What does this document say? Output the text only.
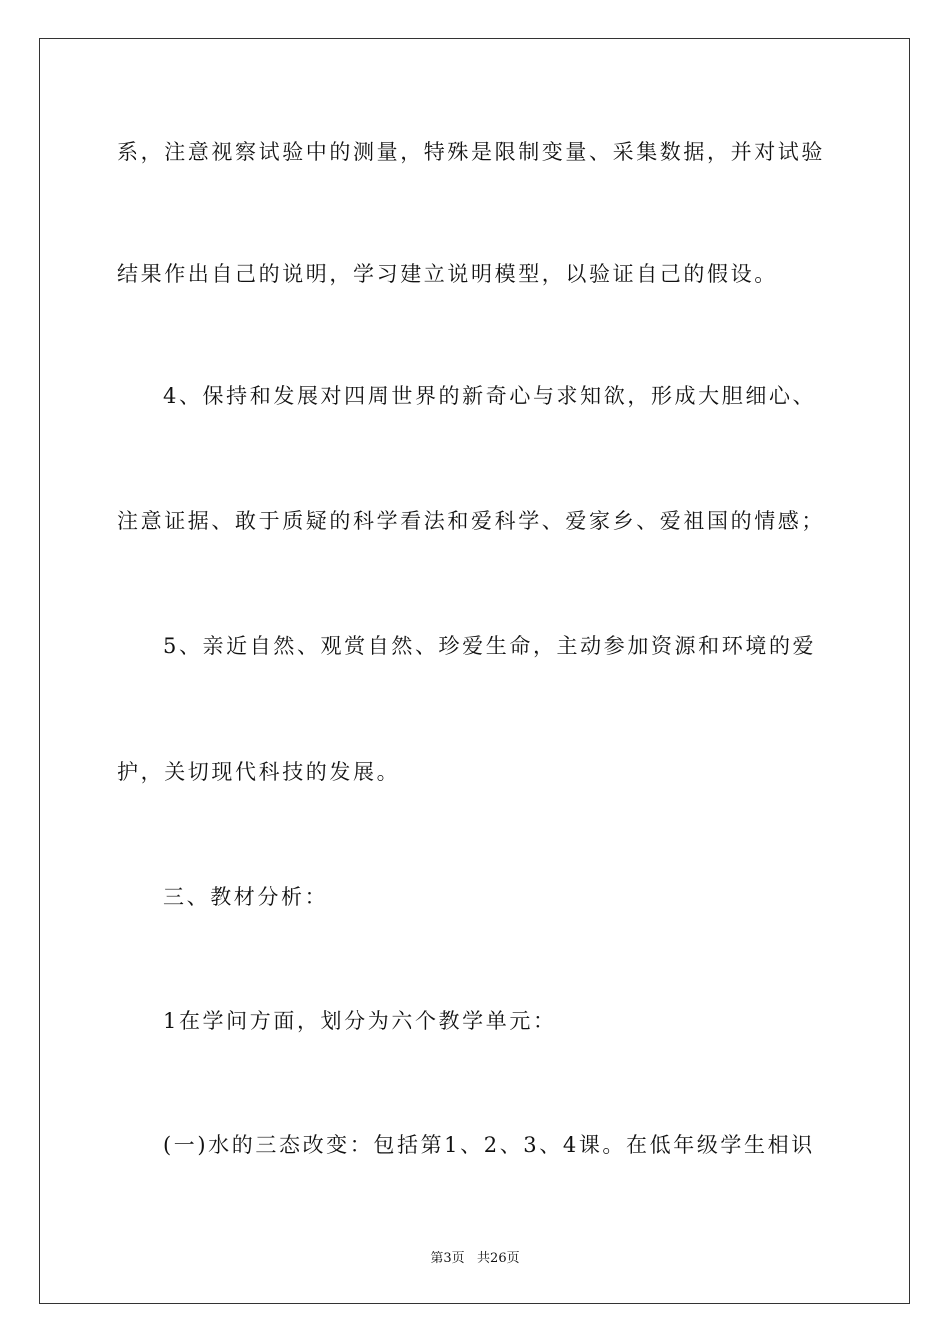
系，注意视察试验中的测量，特殊是限制变量、采集数据，并对试验
结果作出自己的说明，学习建立说明模型，以验证自己的假设。
4、保持和发展对四周世界的新奇心与求知欲，形成大胆细心、
注意证据、敢于质疑的科学看法和爱科学、爱家乡、爱祖国的情感；
5、亲近自然、观赏自然、珍爱生命，主动参加资源和环境的爱
护，关切现代科技的发展。
三、教材分析：
1在学问方面，划分为六个教学单元：
(一)水的三态改变：包括第1、2、3、4课。在低年级学生相识
第3页   共26页
